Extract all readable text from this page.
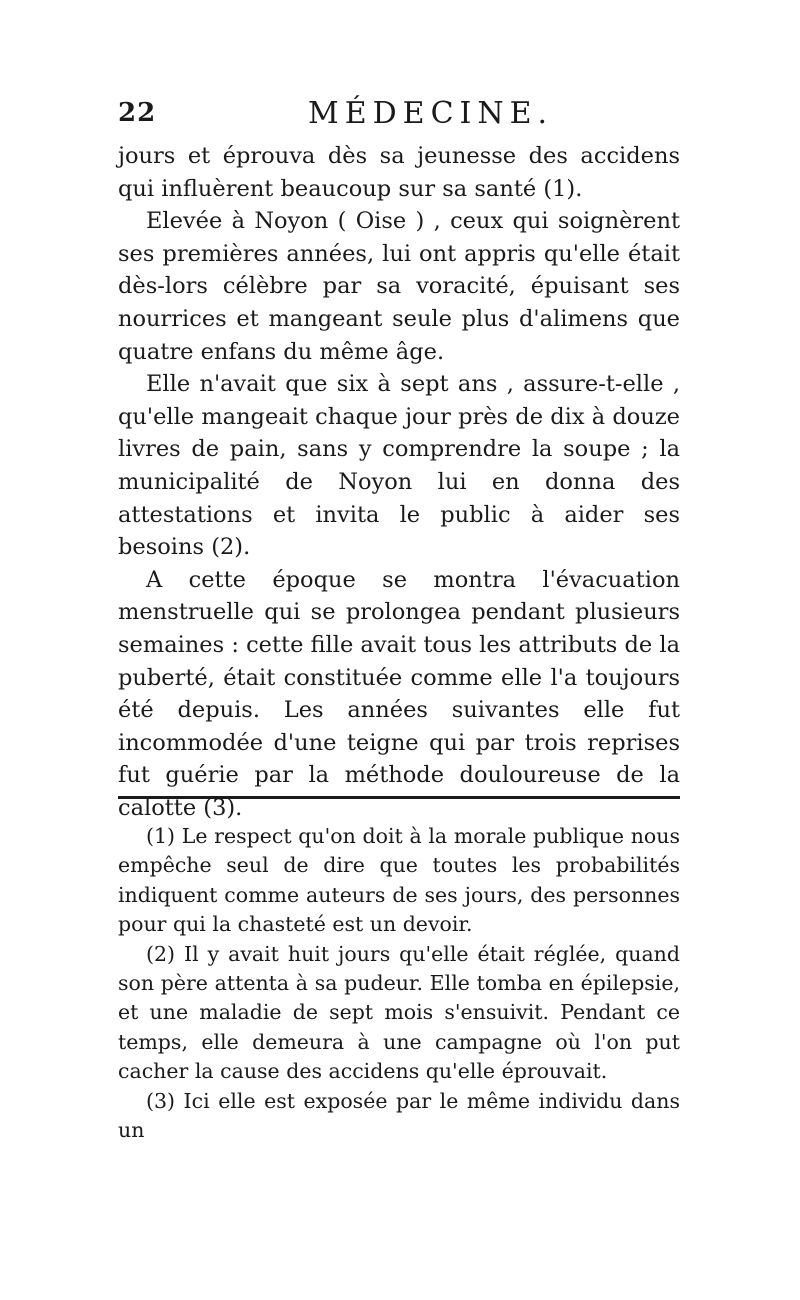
22	MÉDECINE.

jours et éprouva dès sa jeunesse des accidens qui influèrent beaucoup sur sa santé (1).

Elevée à Noyon ( Oise ) , ceux qui soignèrent ses premières années, lui ont appris qu'elle était dès-lors célèbre par sa voracité, épuisant ses nourrices et mangeant seule plus d'alimens que quatre enfans du même âge.

Elle n'avait que six à sept ans , assure-t-elle , qu'elle mangeait chaque jour près de dix à douze livres de pain, sans y comprendre la soupe ; la municipalité de Noyon lui en donna des attestations et invita le public à aider ses besoins (2).

A cette époque se montra l'évacuation menstruelle qui se prolongea pendant plusieurs semaines : cette fille avait tous les attributs de la puberté, était constituée comme elle l'a toujours été depuis. Les années suivantes elle fut incommodée d'une teigne qui par trois reprises fut guérie par la méthode douloureuse de la calotte (3).

(1) Le respect qu'on doit à la morale publique nous empêche seul de dire que toutes les probabilités indiquent comme auteurs de ses jours, des personnes pour qui la chasteté est un devoir.

(2) Il y avait huit jours qu'elle était réglée, quand son père attenta à sa pudeur. Elle tomba en épilepsie, et une maladie de sept mois s'ensuivit. Pendant ce temps, elle demeura à une campagne où l'on put cacher la cause des accidens qu'elle éprouvait.

(3) Ici elle est exposée par le même individu dans un
